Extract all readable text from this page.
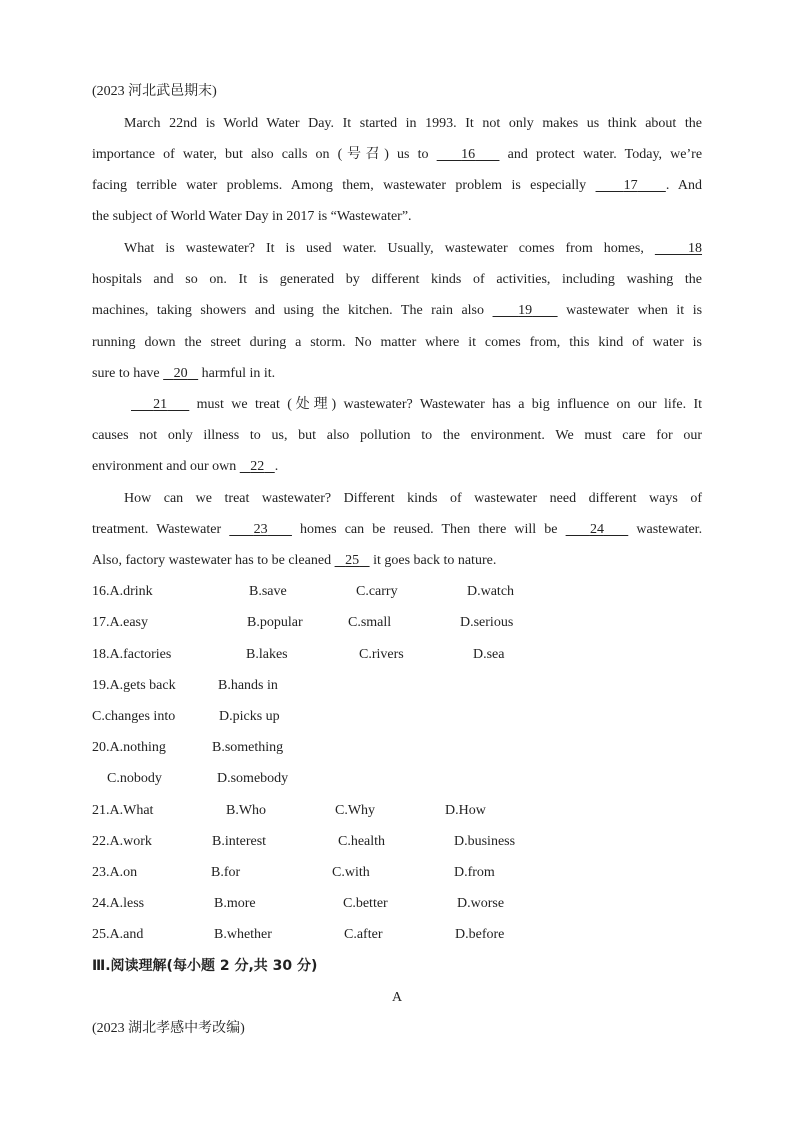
(2023 河北武邑期末)
March 22nd is World Water Day. It started in 1993. It not only makes us think about the
importance of water, but also calls on (号召) us to 16 and protect water. Today, we’re
facing terrible water problems. Among them, wastewater problem is especially	17 . And
the subject of World Water Day in 2017 is “Wastewater”.
What is wastewater? It is used water. Usually, wastewater comes from homes,	18
hospitals and so on. It is generated by different kinds of activities, including washing the
machines, taking showers and using the kitchen. The rain also 19 wastewater when it is
running down the street during a storm. No matter where it comes from, this kind of water is
sure to have 20 harmful in it.
21 must we treat (处理) wastewater? Wastewater has a big influence on our life. It
causes not only illness to us, but also pollution to the environment. We must care for our
environment and our own 22 .
How can we treat wastewater? Different kinds of wastewater need different ways of
treatment. Wastewater 23 homes can be reused. Then there will be 24 wastewater.
Also, factory wastewater has to be cleaned 25 it goes back to nature.
16.A.drink	B.save	C.carry	D.watch
17.A.easy	B.popular	C.small	D.serious
18.A.factories	B.lakes	C.rivers	D.sea
19.A.gets back	B.hands in
C.changes into	D.picks up
20.A.nothing	B.something
C.nobody	D.somebody
21.A.What	B.Who	C.Why	D.How
22.A.work	B.interest	C.health	D.business
23.A.on	B.for	C.with	D.from
24.A.less	B.more	C.better	D.worse
25.A.and	B.whether	C.after	D.before
Ⅲ.阅读理解(每小题 2 分,共 30 分)
A
(2023 湖北孝感中考改编)
